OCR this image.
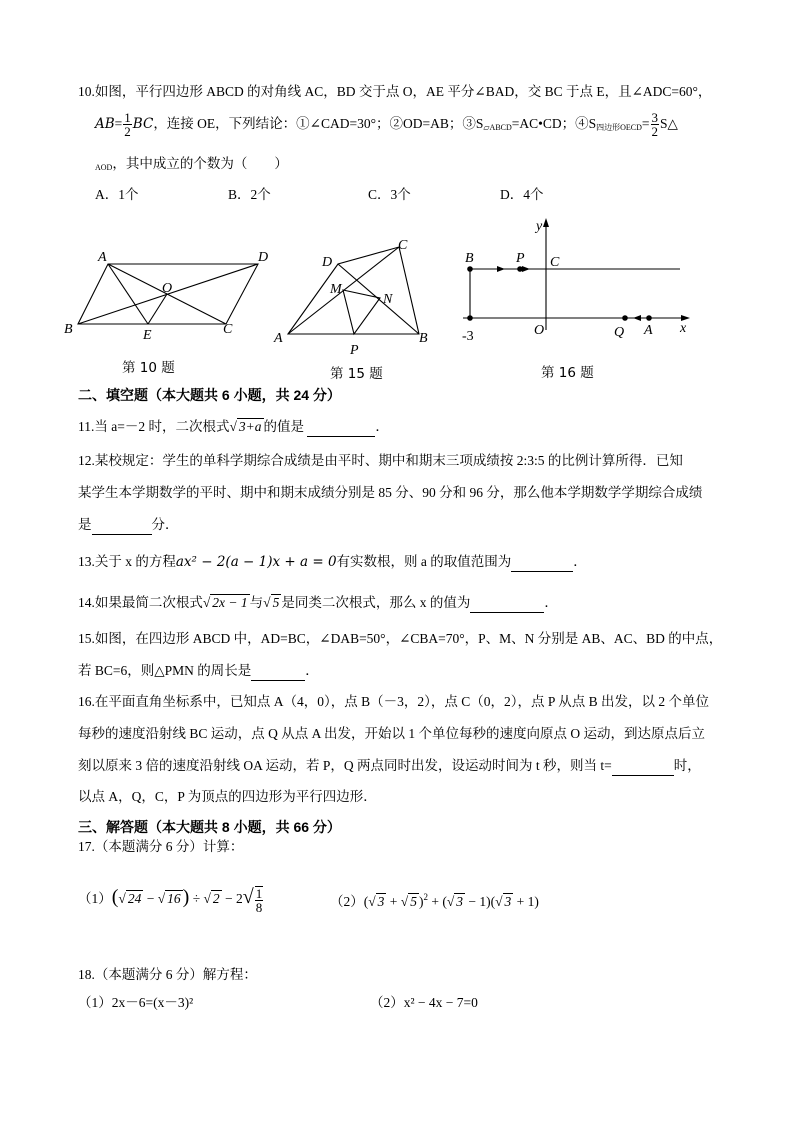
10.如图，平行四边形 ABCD 的对角线 AC，BD 交于点 O，AE 平分∠BAD，交 BC 于点 E，且∠ADC=60°，
$AB= \frac{1}{2}$ BC，连接 OE，下列结论：①∠CAD=30°；②OD=AB；$③S_{▱ABCD}=AC•CD$；$④S_{四边形OECD}= \frac{3}{2}$ S△
$_{AOD}$，其中成立的个数为（　　）
A．1个	B．2个	C．3个	D．4个
A	D
O
B	E	C
A	B
C
D
M
N
P
B	P C
y
x
O	Q A
-3
第 10 题	第 15 题	第 16 题
二、填空题（本大题共 6 小题，共 24 分）
11.当 a=－2 时，二次根式√ 3+a 的值是	．
12.某校规定：学生的单科学期综合成绩是由平时、期中和期末三项成绩按 2:3:5 的比例计算所得．已知
某学生本学期数学的平时、期中和期末成绩分别是 85 分、90 分和 96 分，那么他本学期数学学期综合成绩
是	分．
13.关于 x 的方程ax² − 2(a − 1)x + a = 0有实数根，则 a 的取值范围为	．
14.如果最简二次根式√ 2x − 1 与√ 5 是同类二次根式，那么 x 的值为	．
15.如图，在四边形 ABCD 中，AD=BC，∠DAB=50°，∠CBA=70°，P、M、N 分别是 AB、AC、BD 的中点，
若 BC=6，则△PMN 的周长是	．
16.在平面直角坐标系中，已知点 A（4，0），点 B（－3，2），点 C（0，2），点 P 从点 B 出发，以 2 个单位
每秒的速度沿射线 BC 运动，点 Q 从点 A 出发，开始以 1 个单位每秒的速度向原点 O 运动，到达原点后立
刻以原来 3 倍的速度沿射线 OA 运动，若 P，Q 两点同时出发，设运动时间为 t 秒，则当 t=	时，
以点 A，Q，C，P 为顶点的四边形为平行四边形．
三、解答题（本大题共 8 小题，共 66 分）
17.（本题满分 6 分）计算：
（1）(√ 24 − √ 16 ) ÷ √ $2 - 2√ \frac{1}{8}$	（2）(√ 3 + √ 5 )$^2$ + (√ 3 − 1)(√ 3 + 1)
18.（本题满分 6 分）解方程：
（1）2x－6=(x－3)²	（2）x² − 4x − 7=0
